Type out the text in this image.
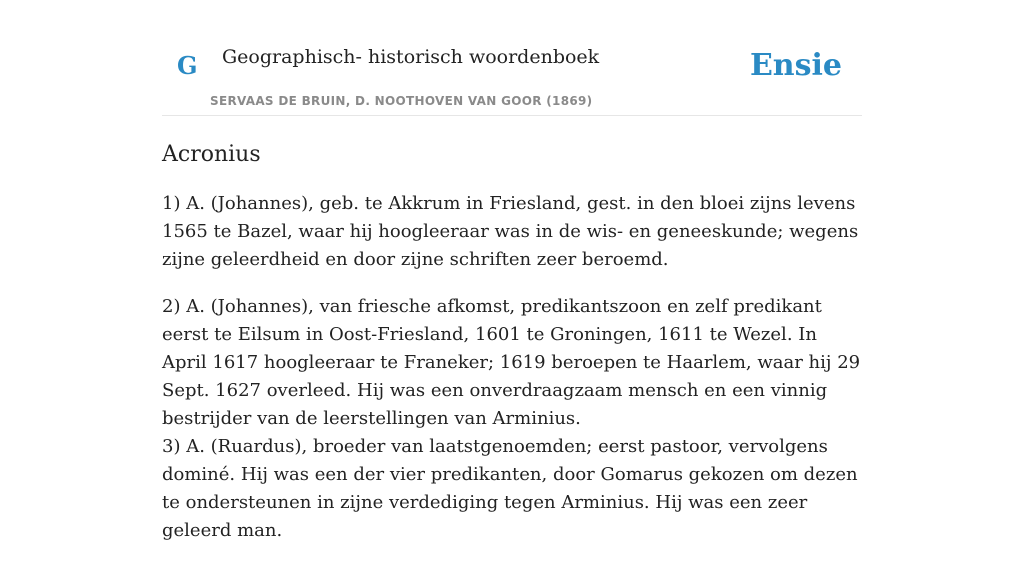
G Geographisch- historisch woordenboek
SERVAAS DE BRUIN, D. NOOTHOVEN VAN GOOR (1869)
Ensie
Acronius

1) A. (Johannes), geb. te Akkrum in Friesland, gest. in den bloei zijns levens 1565 te Bazel, waar hij hoogleeraar was in de wis- en geneeskunde; wegens zijne geleerdheid en door zijne schriften zeer beroemd.

2) A. (Johannes), van friesche afkomst, predikantszoon en zelf predikant eerst te Eilsum in Oost-Friesland, 1601 te Groningen, 1611 te Wezel. In April 1617 hoogleeraar te Franeker; 1619 beroepen te Haarlem, waar hij 29 Sept. 1627 overleed. Hij was een onverdraagzaam mensch en een vinnig bestrijder van de leerstellingen van Arminius.

3) A. (Ruardus), broeder van laatstgenoemden; eerst pastoor, vervolgens dominé. Hij was een der vier predikanten, door Gomarus gekozen om dezen te ondersteunen in zijne verdediging tegen Arminius. Hij was een zeer geleerd man.
